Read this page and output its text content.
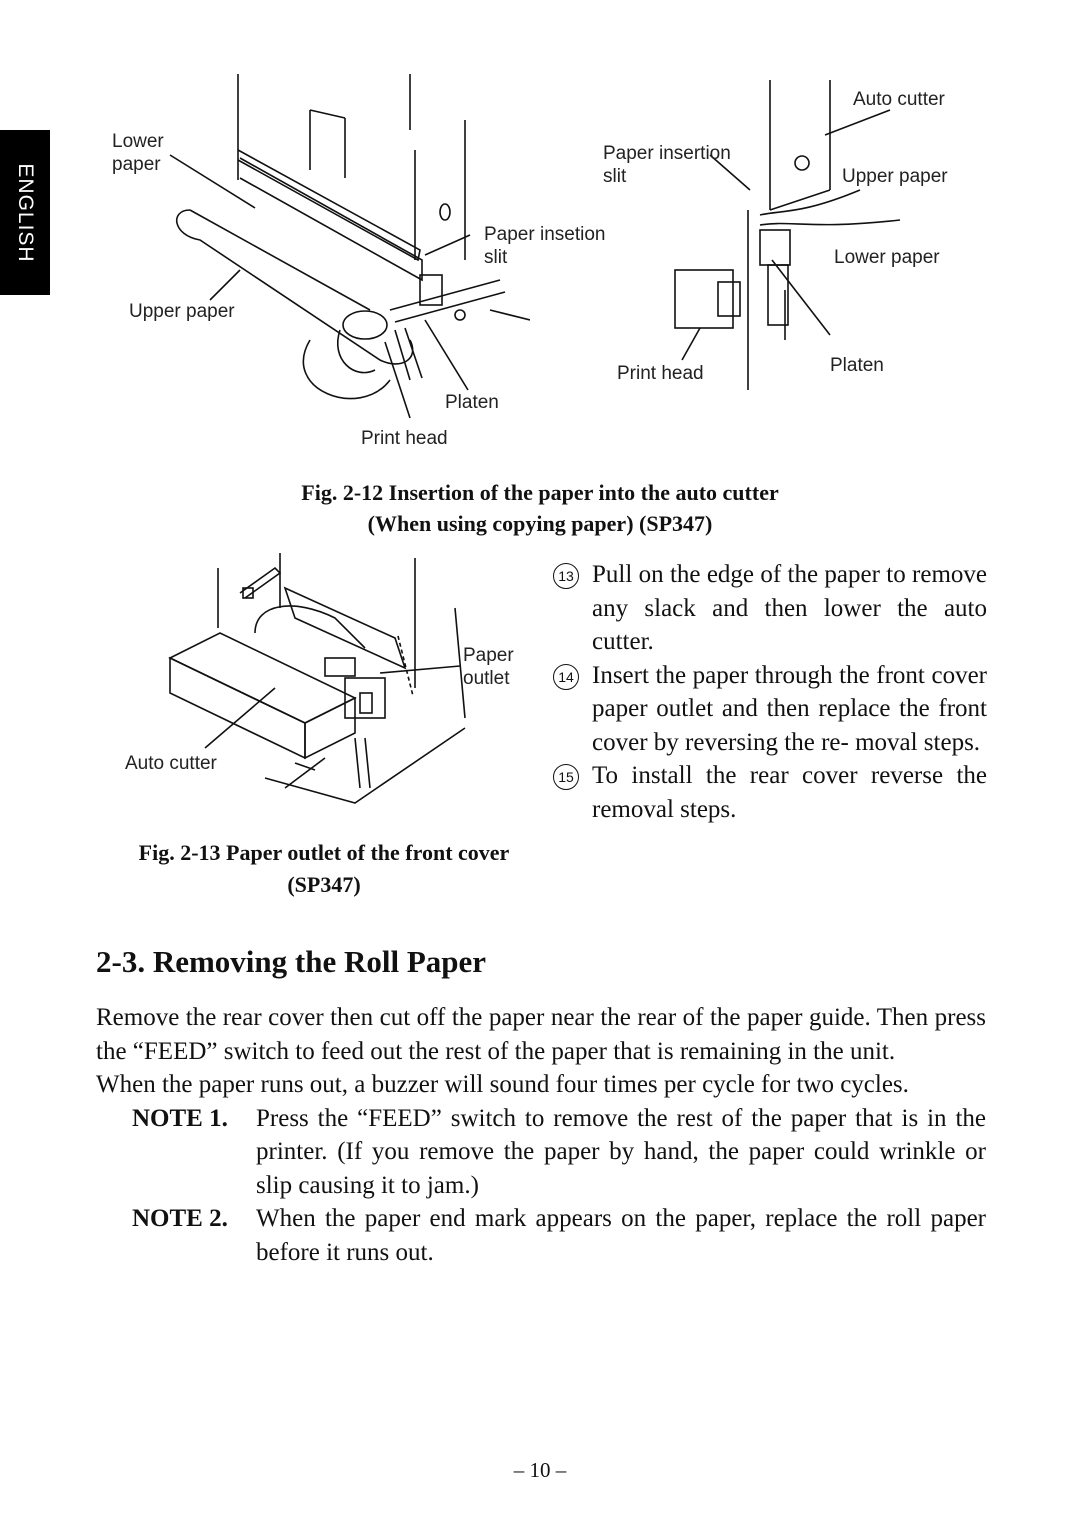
ENGLISH
Lower
paper
Upper paper
Paper insetion
slit
Platen
Print head
Auto cutter
Paper insertion
slit	Upper paper
Lower paper
Print head	Platen
Fig. 2-12 Insertion of the paper into the auto cutter
(When using copying paper) (SP347)
Paper
outlet
Auto cutter
Fig. 2-13 Paper outlet of the front cover
(SP347)
13 Pull on the edge of the paper to remove any slack and then lower the auto cutter.
14 Insert the paper through the front cover paper outlet and then replace the front cover by reversing the re- moval steps.
15 To install the rear cover reverse the removal steps.
2-3. Removing the Roll Paper

Remove the rear cover then cut off the paper near the rear of the paper guide. Then press the “FEED” switch to feed out the rest of the paper that is remaining in the unit.

When the paper runs out, a buzzer will sound four times per cycle for two cycles.

NOTE 1. Press the “FEED” switch to remove the rest of the paper that is in the printer. (If you remove the paper by hand, the paper could wrinkle or slip causing it to jam.)
NOTE 2. When the paper end mark appears on the paper, replace the roll paper before it runs out.
– 10 –
